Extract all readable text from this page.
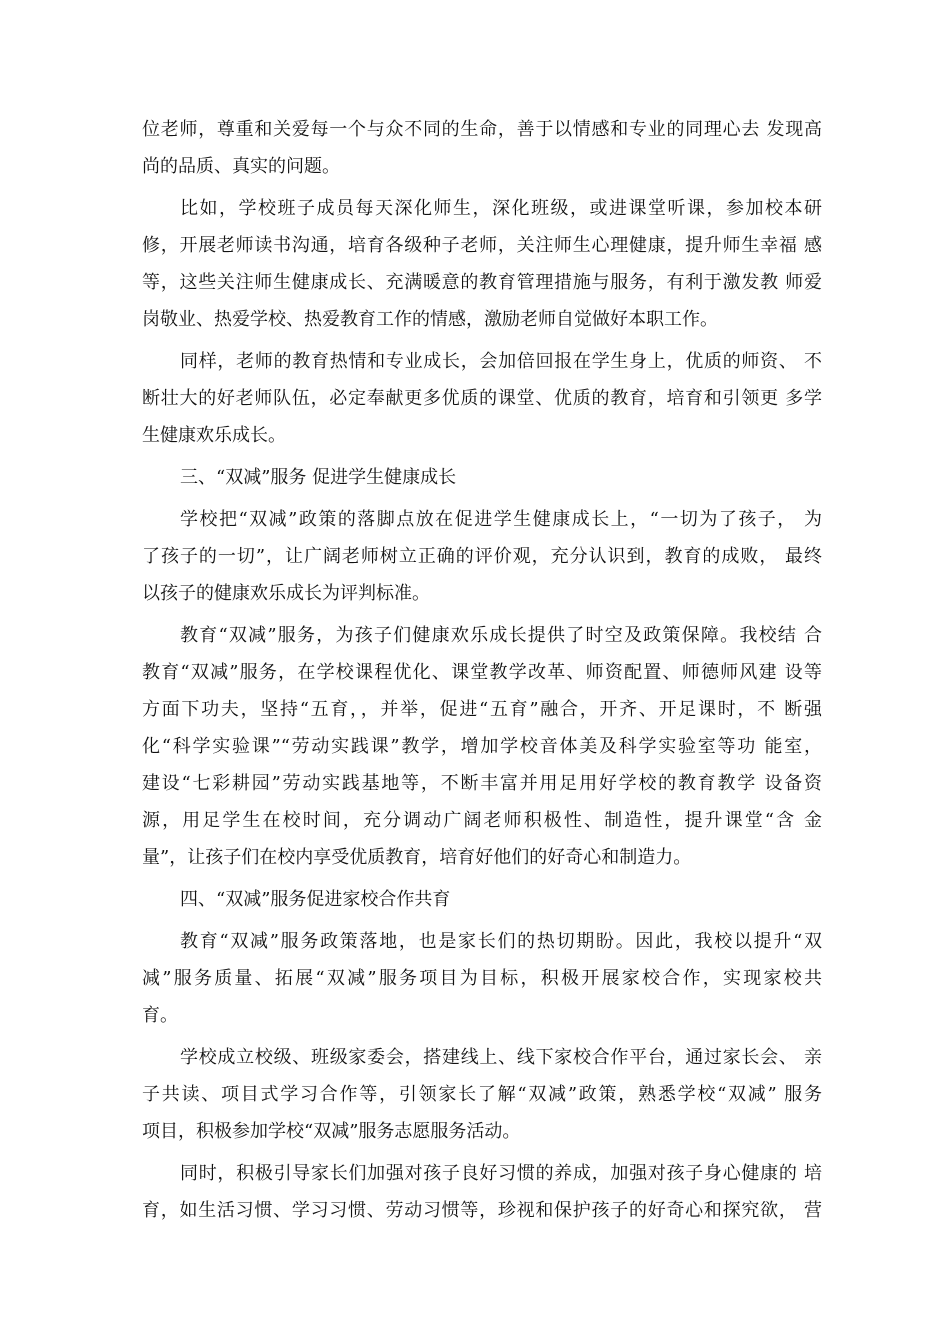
位老师，尊重和关爱每一个与众不同的生命，善于以情感和专业的同理心去 发现高
尚的品质、真实的问题。
比如，学校班子成员每天深化师生，深化班级，或进课堂听课，参加校本研
修，开展老师读书沟通，培育各级种子老师，关注师生心理健康，提升师生幸福 感
等，这些关注师生健康成长、充满暖意的教育管理措施与服务，有利于激发教 师爱
岗敬业、热爱学校、热爱教育工作的情感，激励老师自觉做好本职工作。
同样，老师的教育热情和专业成长，会加倍回报在学生身上，优质的师资、 不
断壮大的好老师队伍，必定奉献更多优质的课堂、优质的教育，培育和引领更 多学
生健康欢乐成长。
三、“双减”服务 促进学生健康成长
学校把“双减”政策的落脚点放在促进学生健康成长上，“一切为了孩子， 为
了孩子的一切”，让广阔老师树立正确的评价观，充分认识到，教育的成败， 最终
以孩子的健康欢乐成长为评判标准。
教育“双减”服务，为孩子们健康欢乐成长提供了时空及政策保障。我校结 合
教育“双减”服务，在学校课程优化、课堂教学改革、师资配置、师德师风建 设等
方面下功夫，坚持“五育，，并举，促进“五育”融合，开齐、开足课时，不 断强
化“科学实验课”“劳动实践课”教学，增加学校音体美及科学实验室等功 能室，
建设“七彩耕园”劳动实践基地等，不断丰富并用足用好学校的教育教学 设备资
源，用足学生在校时间，充分调动广阔老师积极性、制造性，提升课堂“含 金
量”，让孩子们在校内享受优质教育，培育好他们的好奇心和制造力。
四、“双减”服务促进家校合作共育
教育“双减”服务政策落地，也是家长们的热切期盼。因此，我校以提升“双
减”服务质量、拓展“双减”服务项目为目标，积极开展家校合作，实现家校共
育。
学校成立校级、班级家委会，搭建线上、线下家校合作平台，通过家长会、 亲
子共读、项目式学习合作等，引领家长了解“双减”政策，熟悉学校“双减” 服务
项目，积极参加学校“双减”服务志愿服务活动。
同时，积极引导家长们加强对孩子良好习惯的养成，加强对孩子身心健康的 培
育，如生活习惯、学习习惯、劳动习惯等，珍视和保护孩子的好奇心和探究欲， 营
